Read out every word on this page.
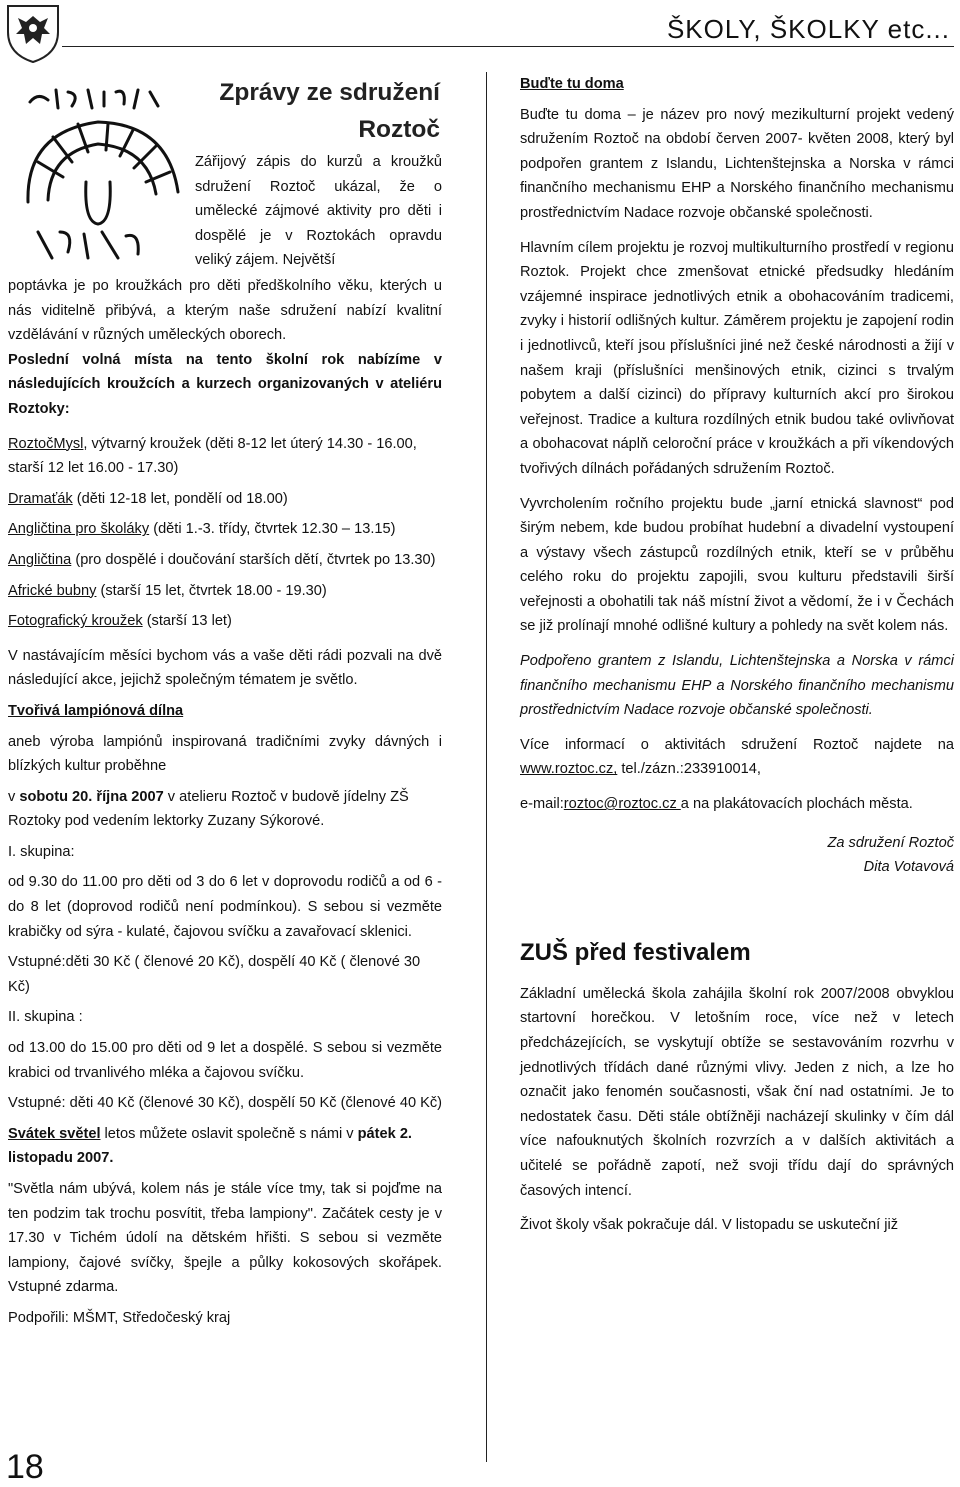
ŠKOLY, ŠKOLKY etc...
18
Zprávy ze sdružení Roztoč
Zářijový zápis do kurzů a kroužků sdružení Roztoč ukázal, že o umělecké zájmové aktivity pro děti i dospělé je v Roztokách opravdu veliký zájem. Největší

poptávka je po kroužkách pro děti předškolního věku, kterých u nás viditelně přibývá, a kterým naše sdružení nabízí kvalitní vzdělávání v různých uměleckých oborech.

Poslední volná místa na tento školní rok nabízíme v následujících kroužcích a kurzech organizovaných v ateliéru Roztoky:

RoztočMysl, výtvarný kroužek (děti 8-12 let úterý 14.30 - 16.00, starší 12 let 16.00 - 17.30)

Dramaťák (děti 12-18 let, pondělí od 18.00)

Angličtina pro školáky (děti 1.-3. třídy, čtvrtek 12.30 – 13.15)

Angličtina (pro dospělé i doučování starších dětí, čtvrtek po 13.30)

Africké bubny (starší 15 let, čtvrtek 18.00 - 19.30)

Fotografický kroužek (starší 13 let)

V nastávajícím měsíci bychom vás a vaše děti rádi pozvali na dvě následující akce, jejichž společným tématem je světlo.

Tvořivá lampiónová dílna

aneb výroba lampiónů inspirovaná tradičními zvyky dávných i blízkých kultur proběhne

v sobotu 20. října 2007 v atelieru Roztoč v budově jídelny ZŠ Roztoky pod vedením lektorky Zuzany Sýkorové.

I. skupina:

od 9.30 do 11.00 pro děti od 3 do 6 let v doprovodu rodičů a od 6 - do 8 let (doprovod rodičů není podmínkou). S sebou si vezměte krabičky od sýra - kulaté, čajovou svíčku a zavařovací sklenici.

Vstupné:děti 30 Kč ( členové 20 Kč), dospělí 40 Kč ( členové 30 Kč)

II. skupina :

od 13.00 do 15.00 pro děti od 9 let a dospělé. S sebou si vezměte krabici od trvanlivého mléka a čajovou svíčku.

Vstupné: děti 40 Kč (členové 30 Kč), dospělí 50 Kč (členové 40 Kč)

Svátek světel letos můžete oslavit společně s námi v pátek 2. listopadu 2007.

"Světla nám ubývá, kolem nás je stále více tmy, tak si pojďme na ten podzim tak trochu posvítit, třeba lampiony". Začátek cesty je v 17.30 v Tichém údolí na dětském hřišti. S sebou si vezměte lampiony, čajové svíčky, špejle a půlky kokosových skořápek. Vstupné zdarma.

Podpořili: MŠMT, Středočeský kraj

Buďte tu doma

Buďte tu doma – je název pro nový mezikulturní projekt vedený sdružením Roztoč na období červen 2007- květen 2008, který byl podpořen grantem z Islandu, Lichtenštejnska a Norska v rámci finančního mechanismu EHP a Norského finančního mechanismu prostřednictvím Nadace rozvoje občanské společnosti.

Hlavním cílem projektu je rozvoj multikulturního prostředí v regionu Roztok. Projekt chce zmenšovat etnické předsudky hledáním vzájemné inspirace jednotlivých etnik a obohacováním tradicemi, zvyky i historií odlišných kultur. Záměrem projektu je zapojení rodin i jednotlivců, kteří jsou příslušníci jiné než české národnosti a žijí v našem kraji (příslušníci menšinových etnik, cizinci s trvalým pobytem a další cizinci) do přípravy kulturních akcí pro širokou veřejnost. Tradice a kultura rozdílných etnik budou také ovlivňovat a obohacovat náplň celoroční práce v kroužkách a při víkendových tvořivých dílnách pořádaných sdružením Roztoč.

Vyvrcholením ročního projektu bude „jarní etnická slavnost“ pod širým nebem, kde budou probíhat hudební a divadelní vystoupení a výstavy všech zástupců rozdílných etnik, kteří se v průběhu celého roku do projektu zapojili, svou kulturu představili širší veřejnosti a obohatili tak náš místní život a vědomí, že i v Čechách se již prolínají mnohé odlišné kultury a pohledy na svět kolem nás.

Podpořeno grantem z Islandu, Lichtenštejnska a Norska v rámci finančního mechanismu EHP a Norského finančního mechanismu prostřednictvím Nadace rozvoje občanské společnosti.

Více informací o aktivitách sdružení Roztoč najdete na www.roztoc.cz, tel./zázn.:233910014,

e-mail:roztoc@roztoc.cz a na plakátovacích plochách města.

Za sdružení Roztoč

Dita Votavová

ZUŠ před festivalem

Základní umělecká škola zahájila školní rok 2007/2008 obvyklou startovní horečkou. V letošním roce, více než v letech předcházejících, se vyskytují obtíže se sestavováním rozvrhu v jednotlivých třídách dané různými vlivy. Jeden z nich, a lze ho označit jako fenomén současnosti, však ční nad ostatními. Je to nedostatek času. Děti stále obtížněji nacházejí skulinky v čím dál více nafouknutých školních rozvrzích a v dalších aktivitách a učitelé se pořádně zapotí, než svoji třídu dají do správných časových intencí.

Život školy však pokračuje dál. V listopadu se uskuteční již
